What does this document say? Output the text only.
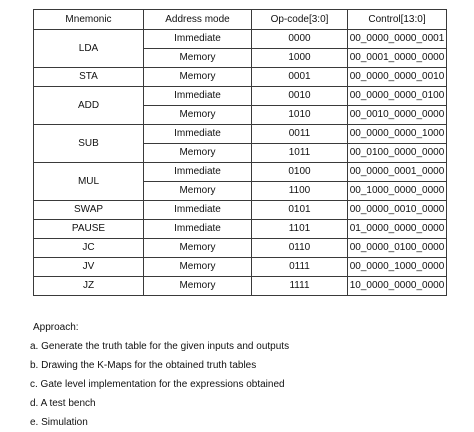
Mnemonic	Address mode	Op-code[3:0]	Control[13:0]
LDA	Immediate	0000	00_0000_0000_0001
	Memory	1000	00_0001_0000_0000
STA	Memory	0001	00_0000_0000_0010
ADD	Immediate	0010	00_0000_0000_0100
	Memory	1010	00_0010_0000_0000
SUB	Immediate	0011	00_0000_0000_1000
	Memory	1011	00_0100_0000_0000
MUL	Immediate	0100	00_0000_0001_0000
	Memory	1100	00_1000_0000_0000
SWAP	Immediate	0101	00_0000_0010_0000
PAUSE	Immediate	1101	01_0000_0000_0000
JC	Memory	0110	00_0000_0100_0000
JV	Memory	0111	00_0000_1000_0000
JZ	Memory	1111	10_0000_0000_0000
Approach:
a. Generate the truth table for the given inputs and outputs
b. Drawing the K-Maps for the obtained truth tables
c. Gate level implementation for the expressions obtained
d. A test bench
e. Simulation
